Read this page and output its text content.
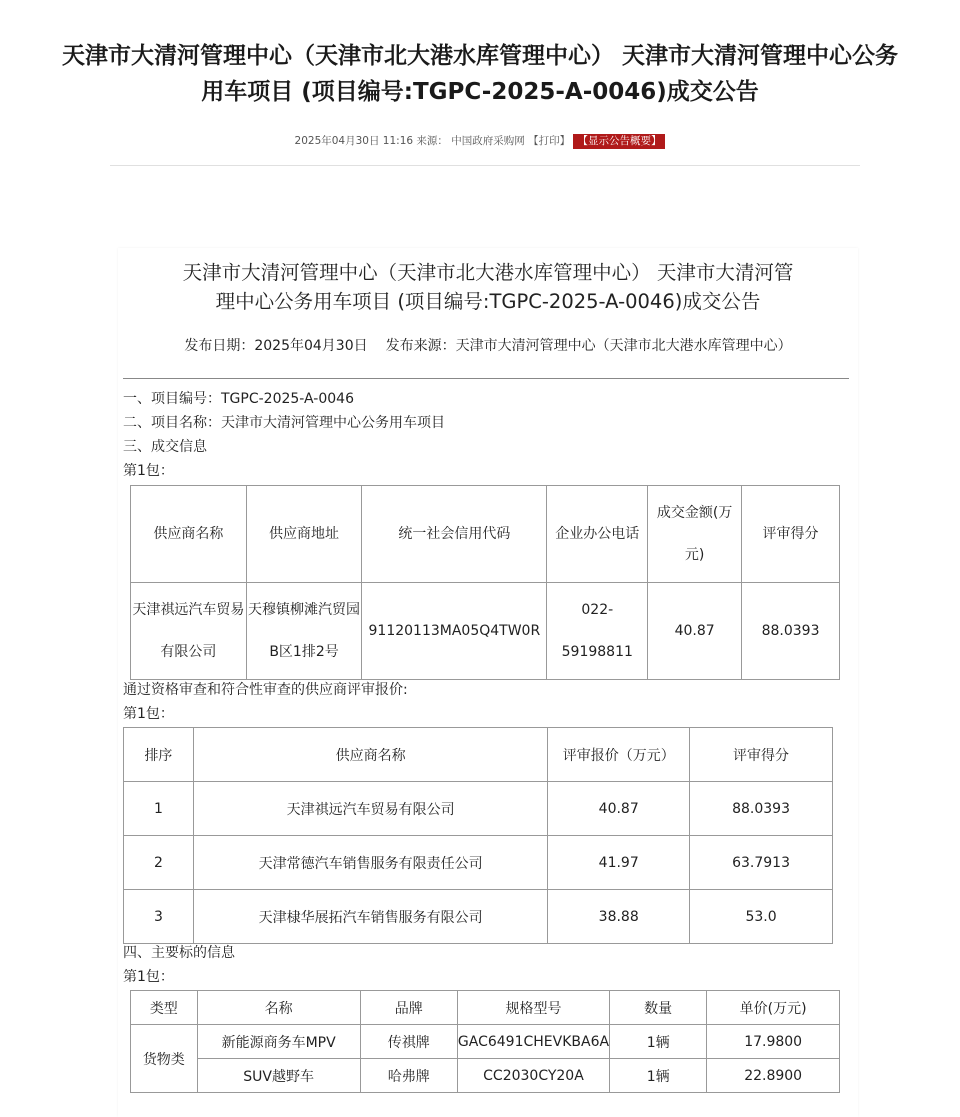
天津市大清河管理中心（天津市北大港水库管理中心） 天津市大清河管理中心公务
用车项目 (项目编号:TGPC-2025-A-0046)成交公告
2025年04月30日 11:16 来源： 中国政府采购网 【打印】 【显示公告概要】
天津市大清河管理中心（天津市北大港水库管理中心） 天津市大清河管
理中心公务用车项目 (项目编号:TGPC-2025-A-0046)成交公告
发布日期：2025年04月30日 发布来源：天津市大清河管理中心（天津市北大港水库管理中心）
一、项目编号：TGPC-2025-A-0046
二、项目名称：天津市大清河管理中心公务用车项目
三、成交信息
第1包：
供应商名称	供应商地址	统一社会信用代码	企业办公电话	成交金额(万元)	评审得分
天津祺远汽车贸易有限公司	天穆镇柳滩汽贸园B区1排2号	91120113MA05Q4TW0R	022-59198811	40.87	88.0393
通过资格审查和符合性审查的供应商评审报价:
第1包：
排序	供应商名称	评审报价（万元）	评审得分
1	天津祺远汽车贸易有限公司	40.87	88.0393
2	天津常德汽车销售服务有限责任公司	41.97	63.7913
3	天津棣华展拓汽车销售服务有限公司	38.88	53.0
四、主要标的信息
第1包：
类型	名称	品牌	规格型号	数量	单价(万元)
货物类	新能源商务车MPV	传祺牌	GAC6491CHEVKBA6A	1辆	17.9800
	SUV越野车	哈弗牌	CC2030CY20A	1辆	22.8900
